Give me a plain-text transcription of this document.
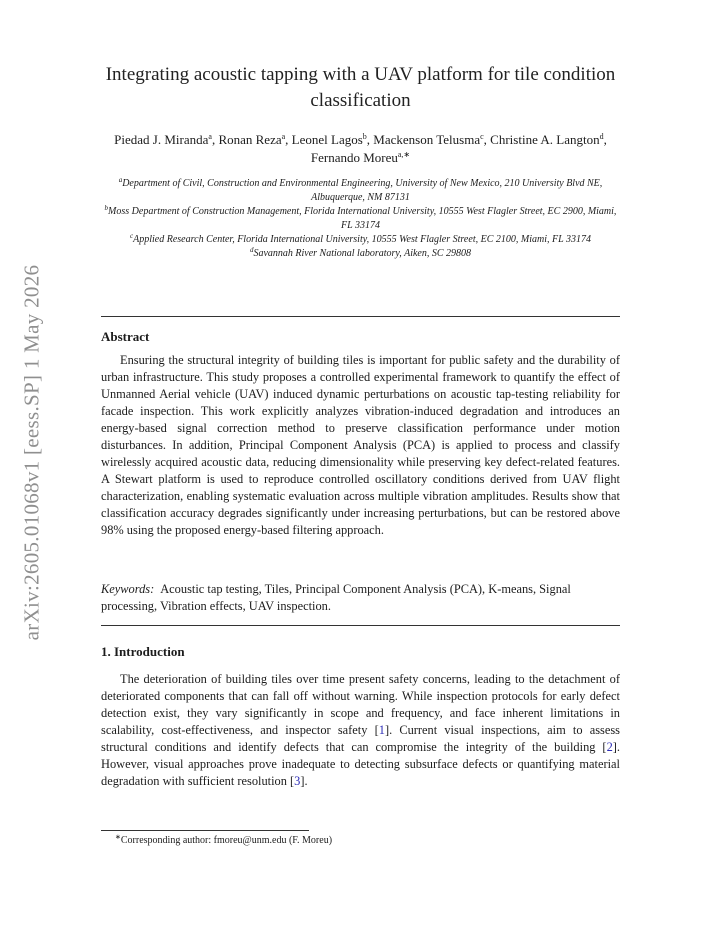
arXiv:2605.01068v1 [eess.SP] 1 May 2026
Integrating acoustic tapping with a UAV platform for tile condition classification
Piedad J. Miranda$^a$, Ronan Reza$^a$, Leonel Lagos$^b$, Mackenson Telusma$^c$, Christine A. Langton$^d$, Fernando Moreu$^{a,∗}$
$^a$Department of Civil, Construction and Environmental Engineering, University of New Mexico, 210 University Blvd NE, Albuquerque, NM 87131
$^b$Moss Department of Construction Management, Florida International University, 10555 West Flagler Street, EC 2900, Miami, FL 33174
$^c$Applied Research Center, Florida International University, 10555 West Flagler Street, EC 2100, Miami, FL 33174
$^d$Savannah River National laboratory, Aiken, SC 29808
Abstract

Ensuring the structural integrity of building tiles is important for public safety and the durability of urban infrastructure. This study proposes a controlled experimental framework to quantify the effect of Unmanned Aerial vehicle (UAV) induced dynamic perturbations on acoustic tap-testing reliability for facade inspection. This work explicitly analyzes vibration-induced degradation and introduces an energy-based signal correction method to preserve classification performance under motion disturbances. In addition, Principal Component Analysis (PCA) is applied to process and classify wirelessly acquired acoustic data, reducing dimensionality while preserving key defect-related features. A Stewart platform is used to reproduce controlled oscillatory conditions derived from UAV flight characterization, enabling systematic evaluation across multiple vibration amplitudes. Results show that classification accuracy degrades significantly under increasing perturbations, but can be restored above 98% using the proposed energy-based filtering approach.

Keywords: Acoustic tap testing, Tiles, Principal Component Analysis (PCA), K-means, Signal processing, Vibration effects, UAV inspection.
1. Introduction

The deterioration of building tiles over time present safety concerns, leading to the detachment of deteriorated components that can fall off without warning. While inspection protocols for early defect detection exist, they vary significantly in scope and frequency, and face inherent limitations in scalability, cost-effectiveness, and inspector safety [1]. Current visual inspections, aim to assess structural conditions and identify defects that can compromise the integrity of the building [2]. However, visual approaches prove inadequate to detecting subsurface defects or quantifying material degradation with sufficient resolution [3].

∗Corresponding author: fmoreu@unm.edu (F. Moreu)
